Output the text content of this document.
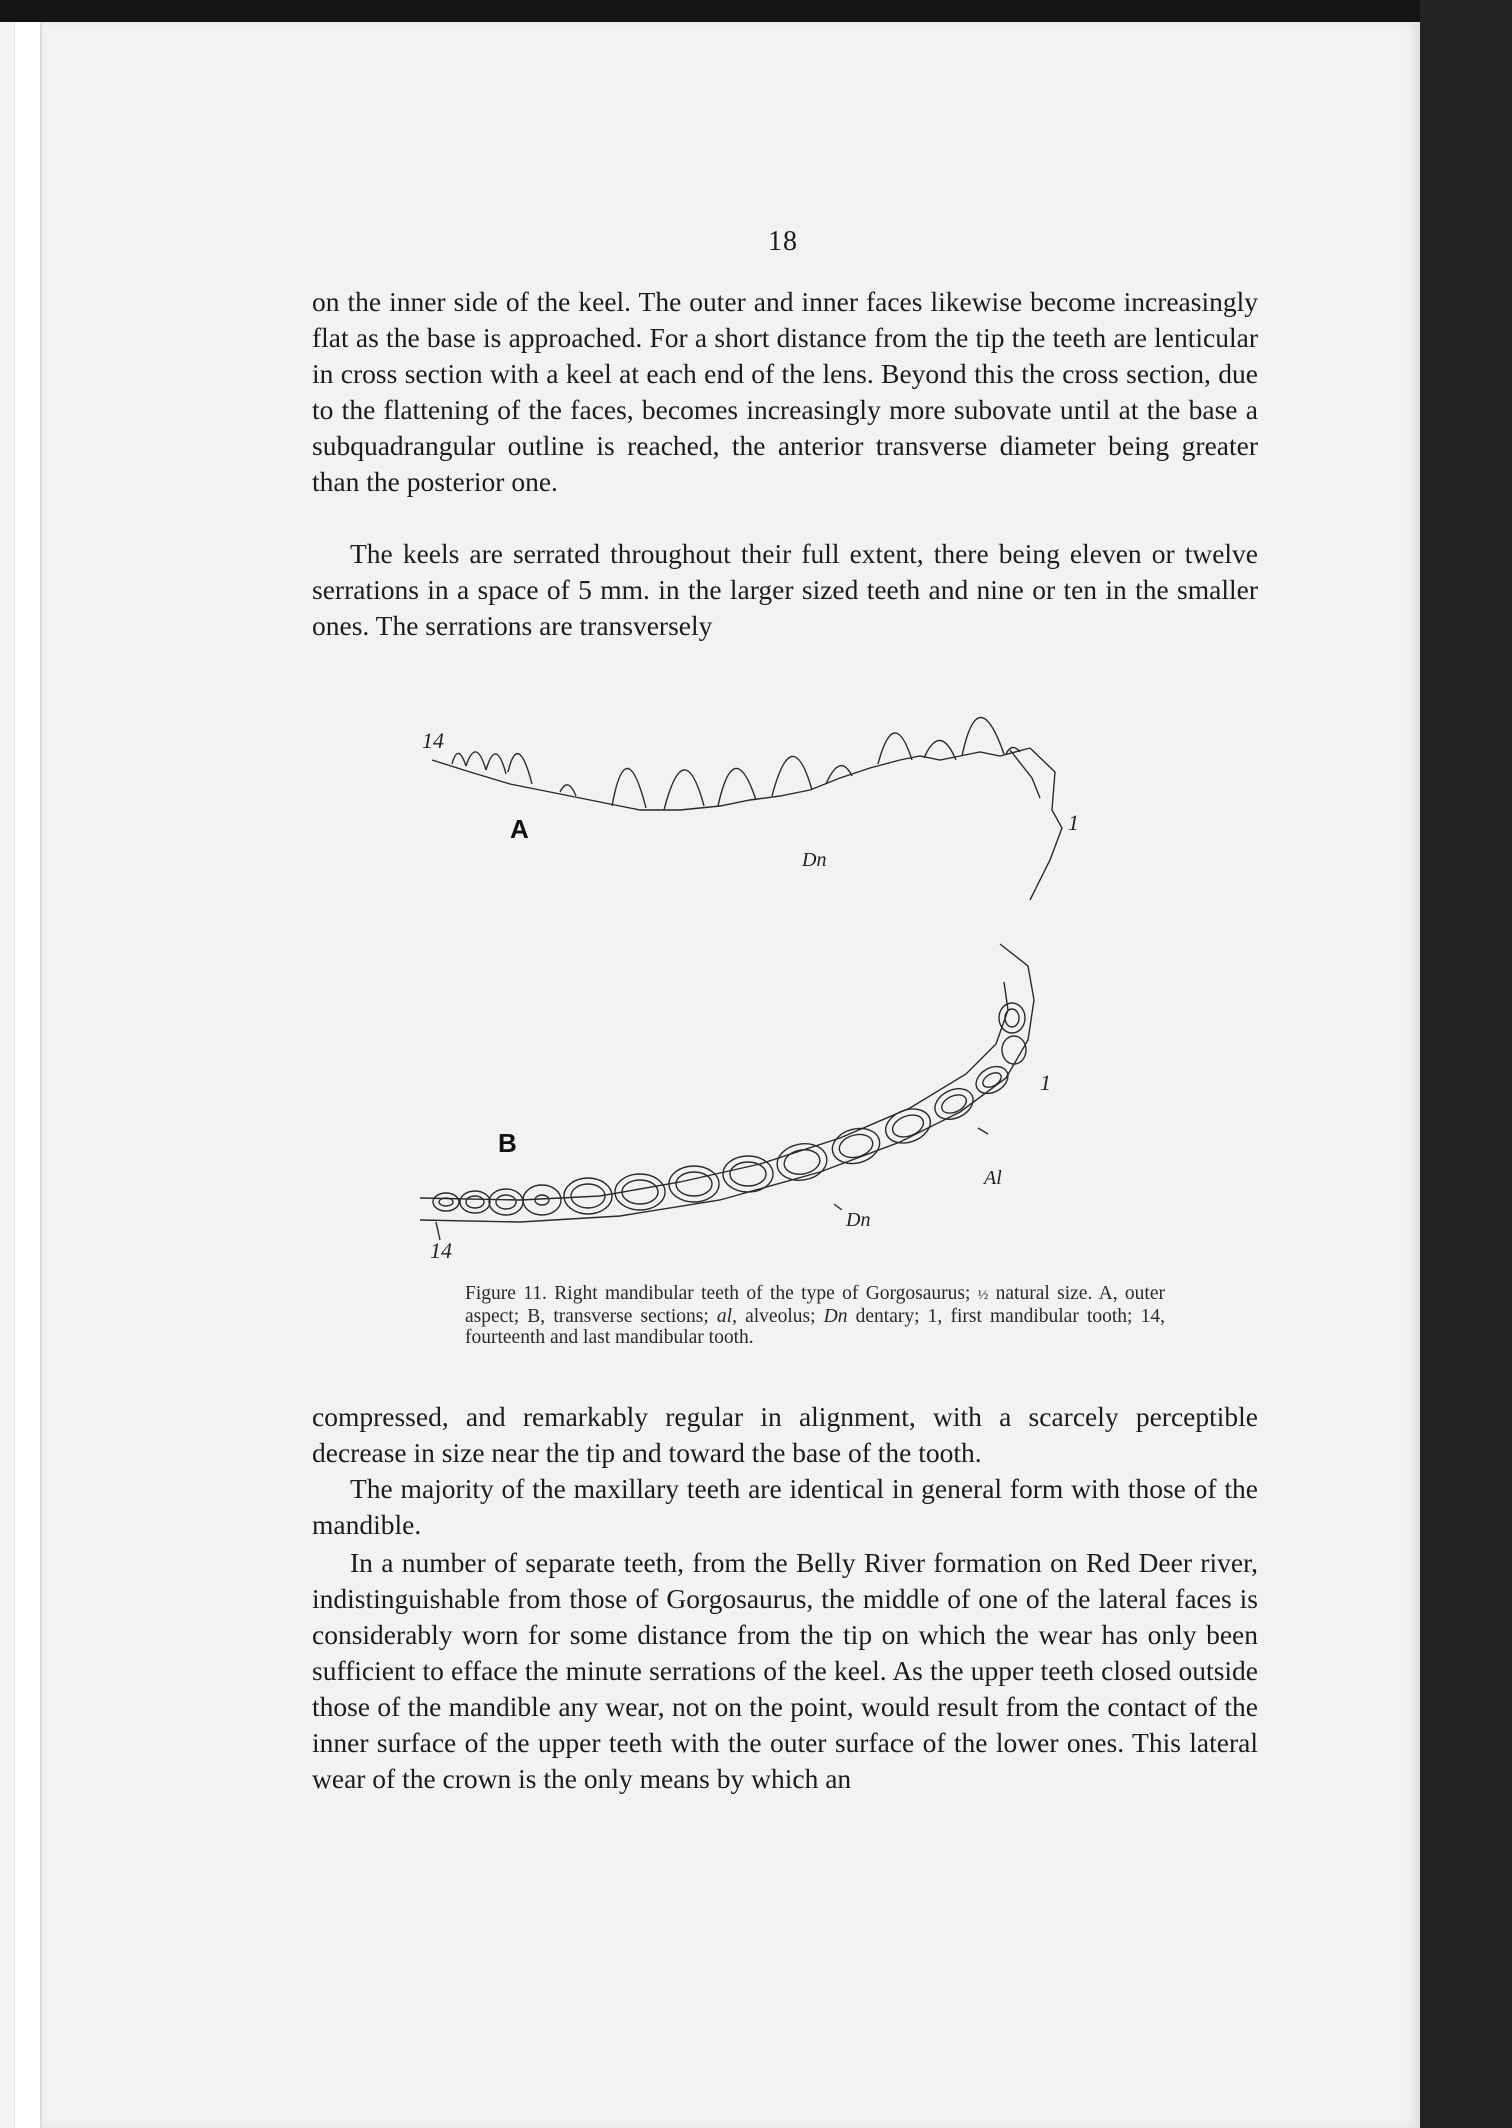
18

on the inner side of the keel. The outer and inner faces likewise become increasingly flat as the base is approached. For a short distance from the tip the teeth are lenticular in cross section with a keel at each end of the lens. Beyond this the cross section, due to the flattening of the faces, becomes increasingly more subovate until at the base a subquadrangular outline is reached, the anterior transverse diameter being greater than the posterior one.

The keels are serrated throughout their full extent, there being eleven or twelve serrations in a space of 5 mm. in the larger sized teeth and nine or ten in the smaller ones. The serrations are transversely

14
A
Dn
1
B
Al
Dn
14
1

Figure 11. Right mandibular teeth of the type of Gorgosaurus; ½ natural size. A, outer aspect; B, transverse sections; al, alveolus; Dn dentary; 1, first mandibular tooth; 14, fourteenth and last mandibular tooth.

compressed, and remarkably regular in alignment, with a scarcely perceptible decrease in size near the tip and toward the base of the tooth.

The majority of the maxillary teeth are identical in general form with those of the mandible.

In a number of separate teeth, from the Belly River formation on Red Deer river, indistinguishable from those of Gorgosaurus, the middle of one of the lateral faces is considerably worn for some distance from the tip on which the wear has only been sufficient to efface the minute serrations of the keel. As the upper teeth closed outside those of the mandible any wear, not on the point, would result from the contact of the inner surface of the upper teeth with the outer surface of the lower ones. This lateral wear of the crown is the only means by which an
